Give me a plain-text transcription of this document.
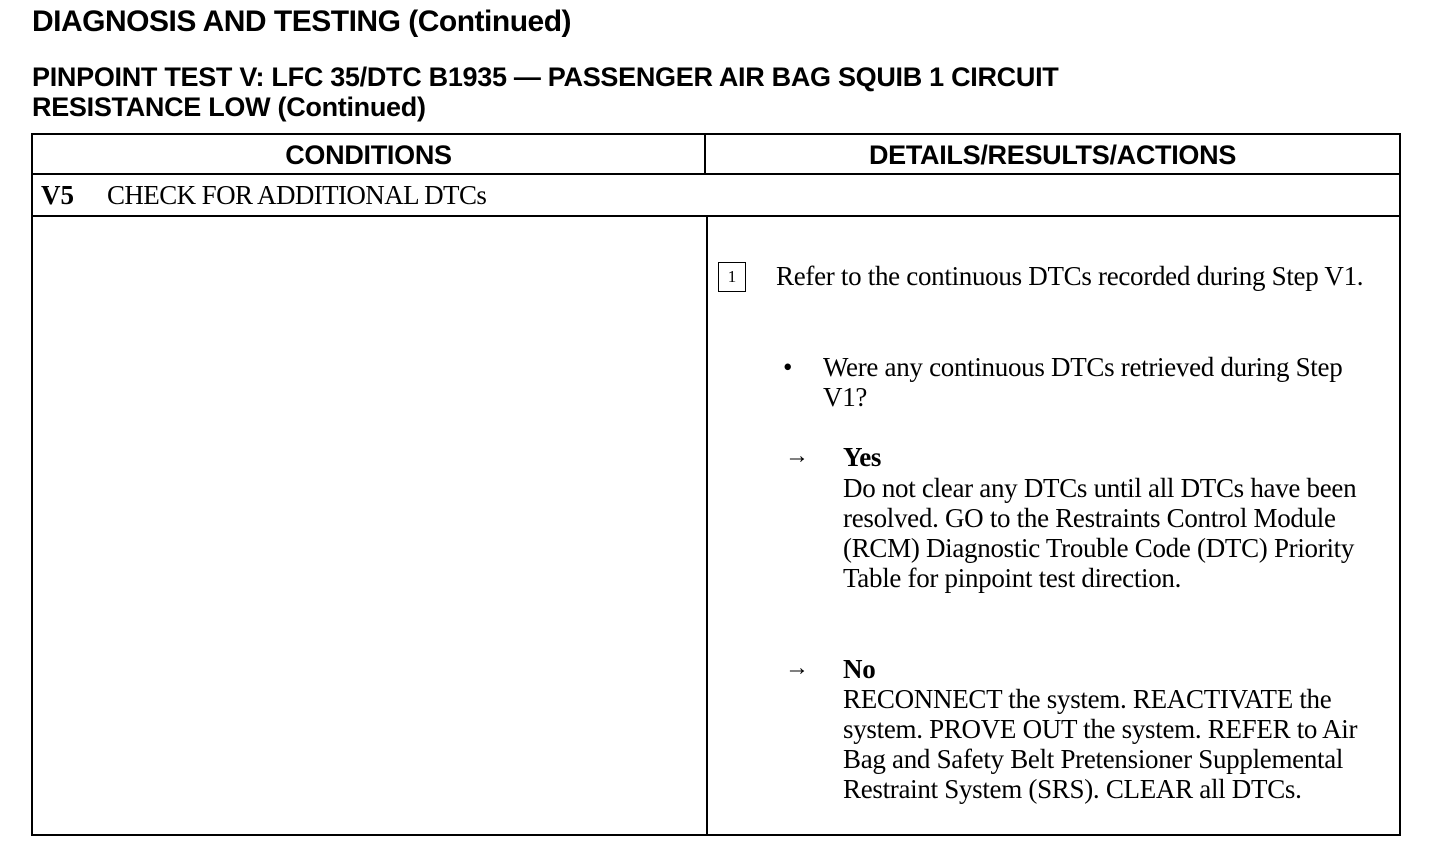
DIAGNOSIS AND TESTING (Continued)
PINPOINT TEST V: LFC 35/DTC B1935 — PASSENGER AIR BAG SQUIB 1 CIRCUIT
RESISTANCE LOW (Continued)
CONDITIONS	DETAILS/RESULTS/ACTIONS
V5 CHECK FOR ADDITIONAL DTCs
1	Refer to the continuous DTCs recorded during Step V1.
• Were any continuous DTCs retrieved during Step V1?
→ Yes
Do not clear any DTCs until all DTCs have been resolved. GO to the Restraints Control Module (RCM) Diagnostic Trouble Code (DTC) Priority Table for pinpoint test direction.
→ No
RECONNECT the system. REACTIVATE the system. PROVE OUT the system. REFER to Air Bag and Safety Belt Pretensioner Supplemental Restraint System (SRS). CLEAR all DTCs.
